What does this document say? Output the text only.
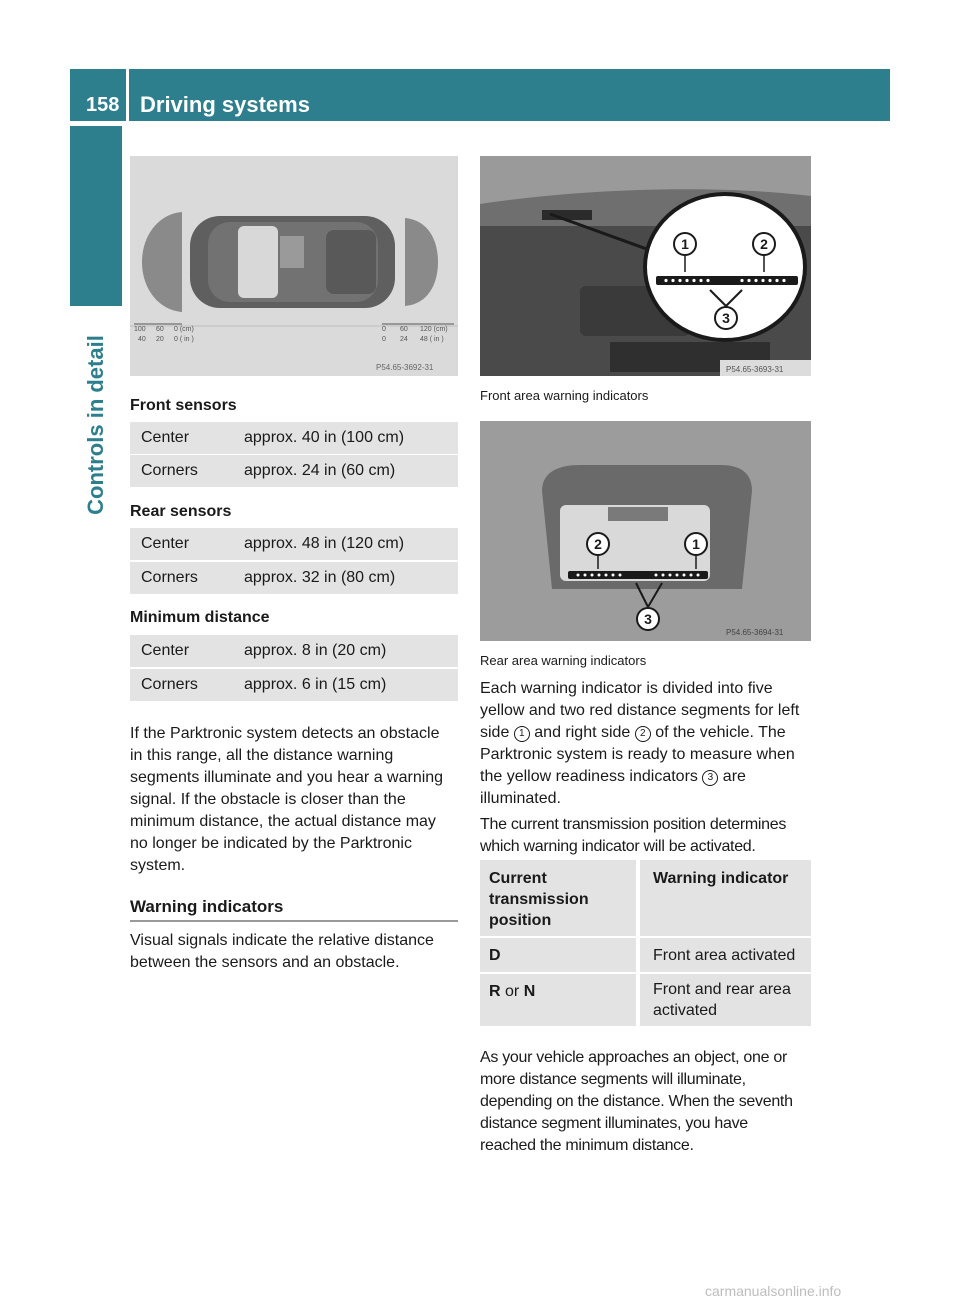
158 Driving systems
Controls in detail
100 60 0 (cm)
40 20 0 ( in )
0 60 120 (cm)
0 24 48 ( in )
P54.65-3692-31
Front sensors
Center	approx. 40 in (100 cm)
Corners	approx. 24 in (60 cm)
Rear sensors
Center	approx. 48 in (120 cm)
Corners	approx. 32 in (80 cm)
Minimum distance
Center	approx. 8 in (20 cm)
Corners	approx. 6 in (15 cm)
If the Parktronic system detects an obstacle
in this range, all the distance warning
segments illuminate and you hear a warning
signal. If the obstacle is closer than the
minimum distance, the actual distance may
no longer be indicated by the Parktronic
system.
Warning indicators
Visual signals indicate the relative distance
between the sensors and an obstacle.
1	2
3
P54.65-3693-31
Front area warning indicators
2	1
3
P54.65-3694-31
Rear area warning indicators
Each warning indicator is divided into five
yellow and two red distance segments for left
side 1 and right side 2 of the vehicle. The
Parktronic system is ready to measure when
the yellow readiness indicators 3 are
illuminated.
The current transmission position determines
which warning indicator will be activated.
Current transmission position
Warning indicator
D	Front area activated
R or N	Front and rear area activated
As your vehicle approaches an object, one or
more distance segments will illuminate,
depending on the distance. When the seventh
distance segment illuminates, you have
reached the minimum distance.
carmanualsonline.info
